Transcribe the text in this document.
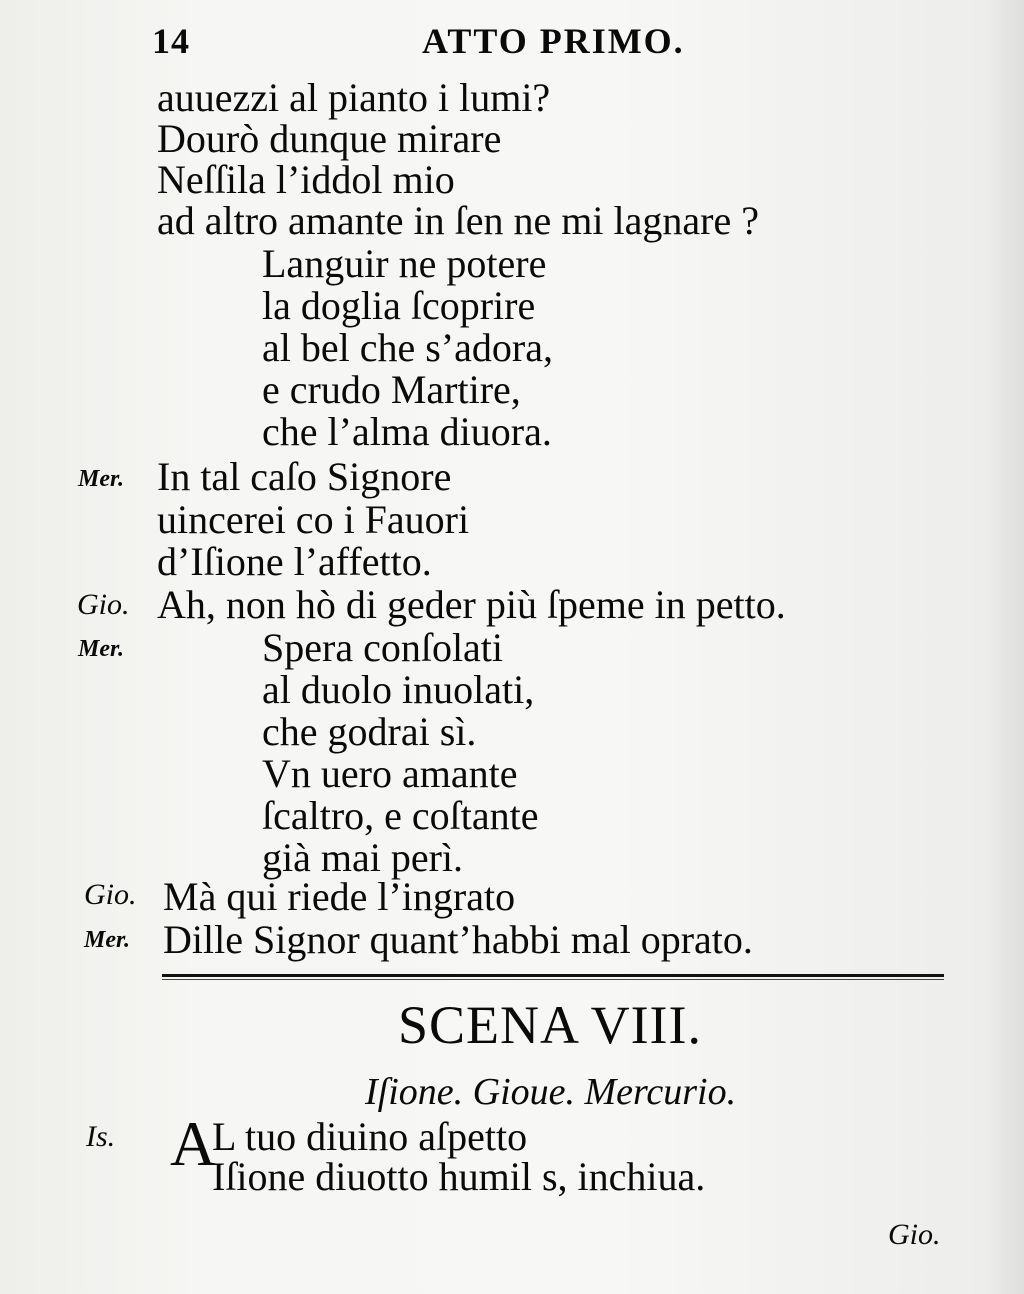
14	ATTO PRIMO.
auuezzi al pianto i lumi?
Dourò dunque mirare
Neſſila l’iddol mio
ad altro amante in ſen ne mi lagnare ?
Languir ne potere
la doglia ſcoprire
al bel che s’adora,
e crudo Martire,
che l’alma diuora.
Mer. In tal caſo Signore
uincerei co i Fauori
d’Iſione l’affetto.
Gio. Ah, non hò di geder più ſpeme in petto.
Mer.	Spera conſolati
al duolo inuolati,
che godrai sì.
Vn uero amante
ſcaltro, e coſtante
già mai perì.
Gio. Mà qui riede l’ingrato
Mer. Dille Signor quant’habbi mal oprato.
SCENA VIII.
Iſione. Gioue. Mercurio.
Is. A
L tuo diuino aſpetto
Iſione diuotto humil s, inchiua.
Gio.
